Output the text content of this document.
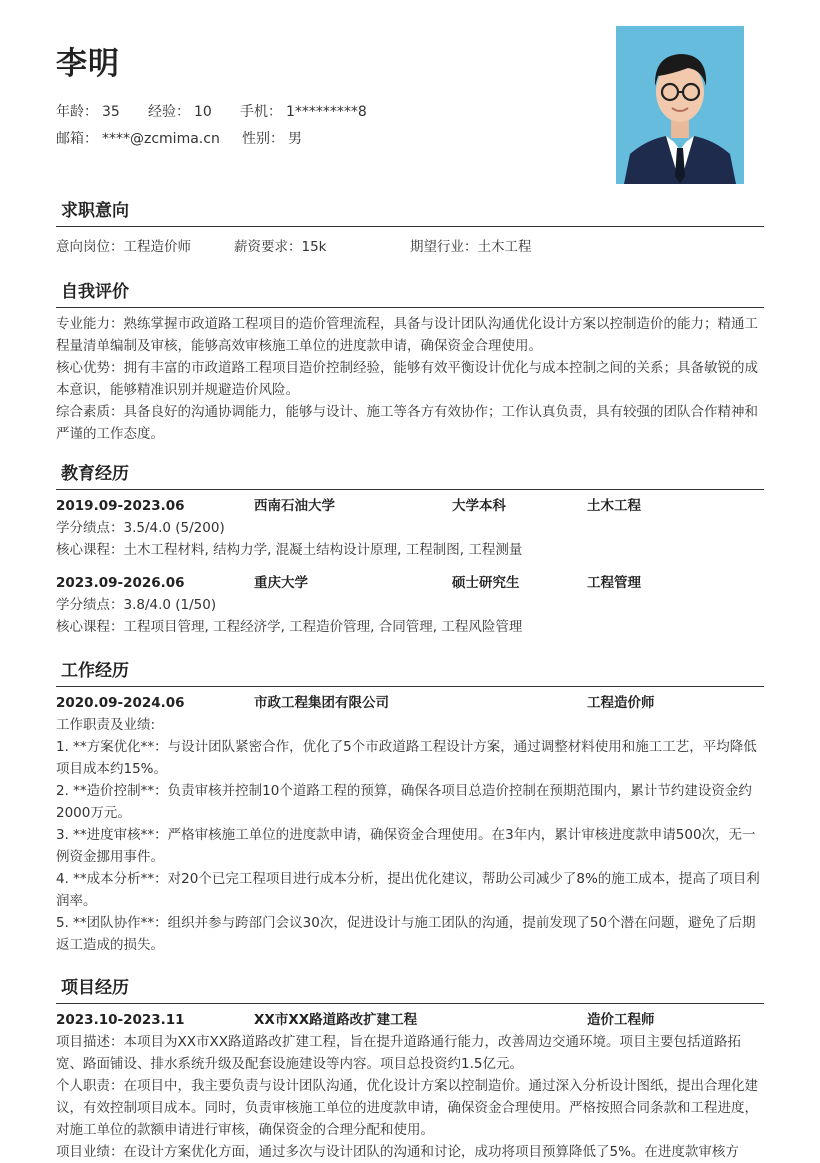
李明
年龄： 35 经验： 10 手机： 1*********8
邮箱： ****@zcmima.cn 性别： 男
求职意向
意向岗位：工程造价师	薪资要求：15k	期望行业：土木工程
自我评价
专业能力：熟练掌握市政道路工程项目的造价管理流程，具备与设计团队沟通优化设计方案以控制造价的能力；精通工程量清单编制及审核，能够高效审核施工单位的进度款申请，确保资金合理使用。
核心优势：拥有丰富的市政道路工程项目造价控制经验，能够有效平衡设计优化与成本控制之间的关系；具备敏锐的成本意识，能够精准识别并规避造价风险。
综合素质：具备良好的沟通协调能力，能够与设计、施工等各方有效协作；工作认真负责，具有较强的团队合作精神和严谨的工作态度。
教育经历
2019.09-2023.06	西南石油大学	大学本科	土木工程
学分绩点：3.5/4.0 (5/200)
核心课程：土木工程材料, 结构力学, 混凝土结构设计原理, 工程制图, 工程测量
2023.09-2026.06	重庆大学	硕士研究生	工程管理
学分绩点：3.8/4.0 (1/50)
核心课程：工程项目管理, 工程经济学, 工程造价管理, 合同管理, 工程风险管理
工作经历
2020.09-2024.06	市政工程集团有限公司	工程造价师
工作职责及业绩:
1. **方案优化**：与设计团队紧密合作，优化了5个市政道路工程设计方案，通过调整材料使用和施工工艺，平均降低项目成本约15%。
2. **造价控制**：负责审核并控制10个道路工程的预算，确保各项目总造价控制在预期范围内，累计节约建设资金约2000万元。
3. **进度审核**：严格审核施工单位的进度款申请，确保资金合理使用。在3年内，累计审核进度款申请500次，无一例资金挪用事件。
4. **成本分析**：对20个已完工程项目进行成本分析，提出优化建议，帮助公司减少了8%的施工成本，提高了项目利润率。
5. **团队协作**：组织并参与跨部门会议30次，促进设计与施工团队的沟通，提前发现了50个潜在问题，避免了后期返工造成的损失。
项目经历
2023.10-2023.11	XX市XX路道路改扩建工程	造价工程师
项目描述：本项目为XX市XX路道路改扩建工程，旨在提升道路通行能力，改善周边交通环境。项目主要包括道路拓宽、路面铺设、排水系统升级及配套设施建设等内容。项目总投资约1.5亿元。
个人职责：在项目中，我主要负责与设计团队沟通，优化设计方案以控制造价。通过深入分析设计图纸，提出合理化建议，有效控制项目成本。同时，负责审核施工单位的进度款申请，确保资金合理使用。严格按照合同条款和工程进度，对施工单位的款额申请进行审核，确保资金的合理分配和使用。
项目业绩：在设计方案优化方面，通过多次与设计团队的沟通和讨论，成功将项目预算降低了5%。在进度款审核方
